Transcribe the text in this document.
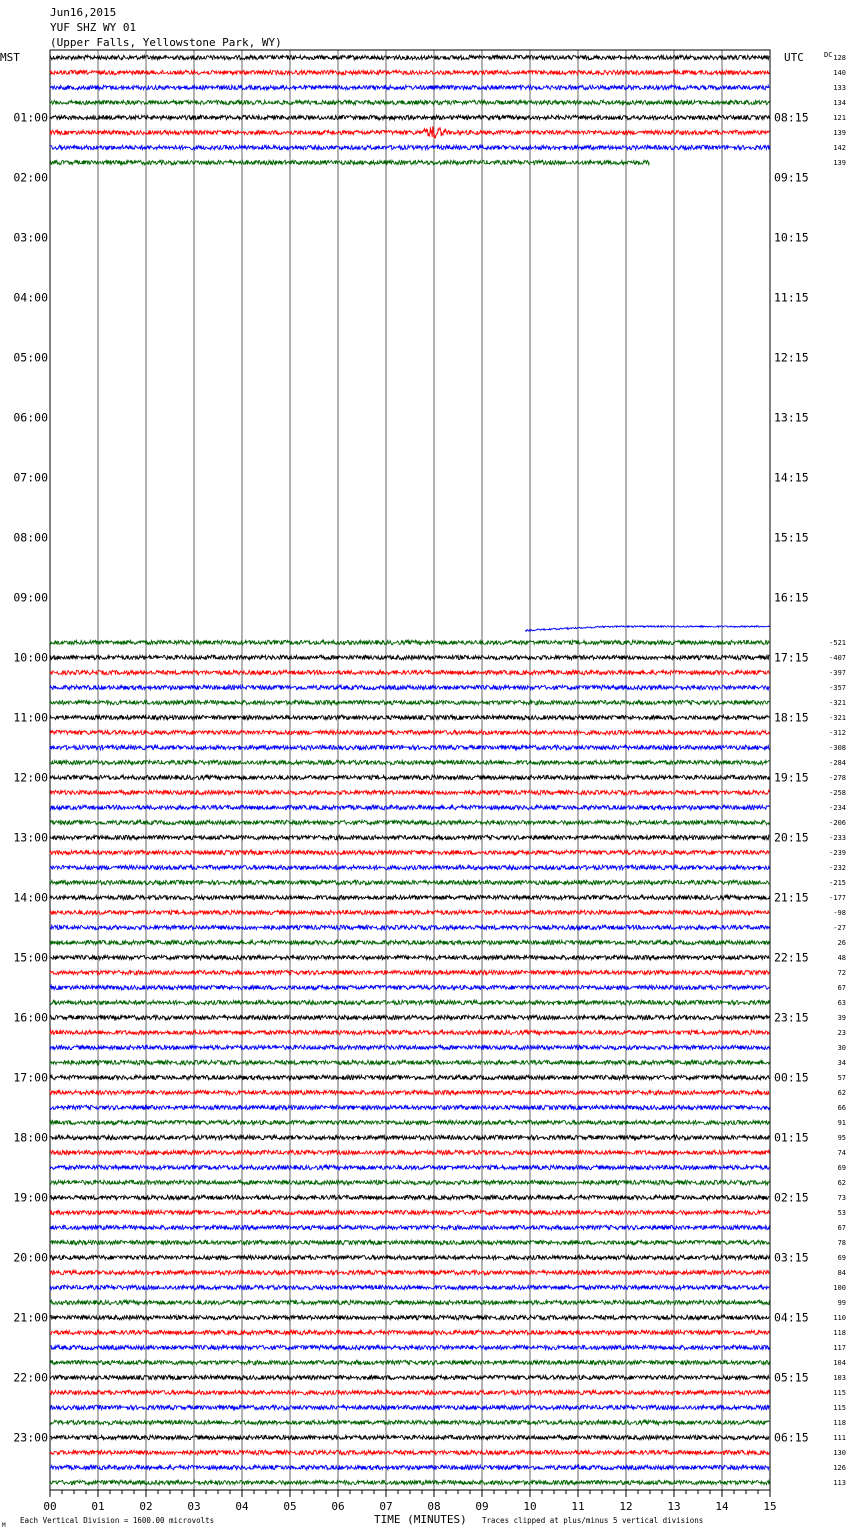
Jun16,2015
YUF SHZ WY 01
(Upper Falls, Yellowstone Park, WY)
MST	UTC	DC
01:00	08:15
02:00	09:15
03:00	10:15
04:00	11:15
05:00	12:15
06:00	13:15
07:00	14:15
08:00	15:15
09:00	16:15
10:00	17:15
11:00	18:15
12:00	19:15
13:00	20:15
14:00	21:15
15:00	22:15
16:00	23:15
17:00	00:15
18:00	01:15
19:00	02:15
20:00	03:15
21:00	04:15
22:00	05:15
23:00	06:15
128
140
133
134
121
139
142
139
-521
-407
-397
-357
-321
-321
-312
-308
-284
-278
-258
-234
-206
-233
-239
-232
-215
-177
-98
-27
26
48
72
67
63
39
23
30
34
57
62
66
91
95
74
69
62
73
53
67
78
69
84
100
99
110
118
117
104
103
115
115
118
111
130
126
113
00	01	02	03	04	05	06	07	08	09	10	11	12	13	14	15
TIME (MINUTES)
Each Vertical Division = 1600.00 microvolts	Traces clipped at plus/minus 5 vertical divisions
M
